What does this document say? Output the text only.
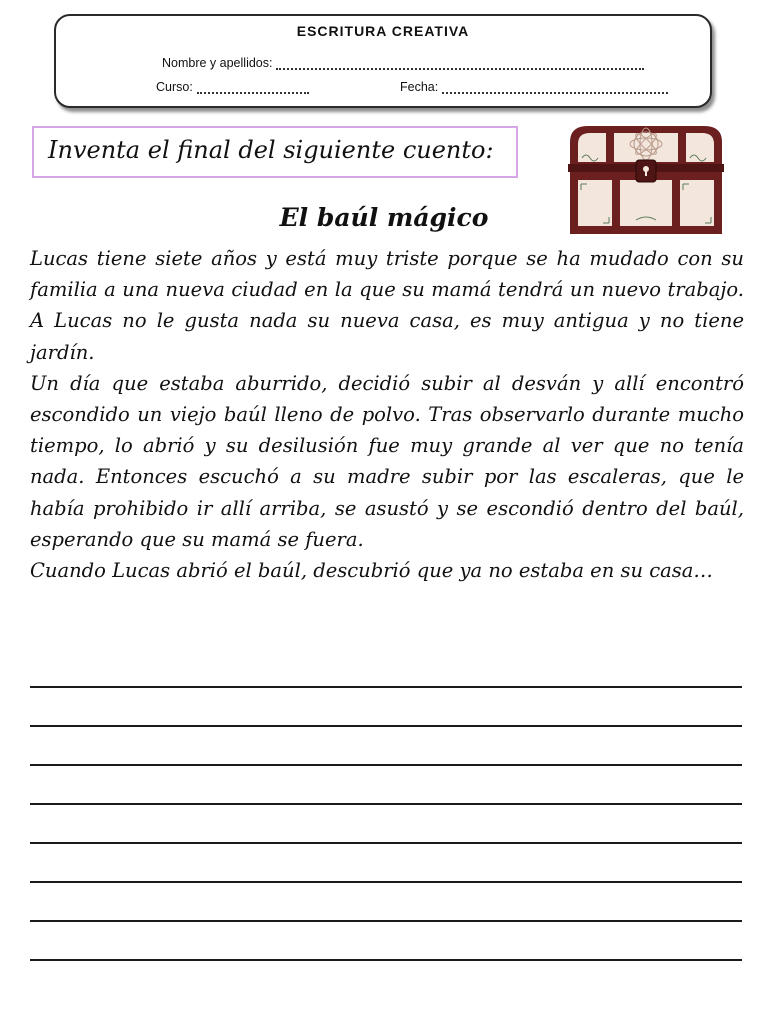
ESCRITURA CREATIVA
Nombre y apellidos:
Curso:	Fecha:
Inventa el final del siguiente cuento:
El baúl mágico

Lucas tiene siete años y está muy triste porque se ha mudado con su familia a una nueva ciudad en la que su mamá tendrá un nuevo trabajo. A Lucas no le gusta nada su nueva casa, es muy antigua y no tiene jardín.

Un día que estaba aburrido, decidió subir al desván y allí encontró escondido un viejo baúl lleno de polvo. Tras observarlo durante mucho tiempo, lo abrió y su desilusión fue muy grande al ver que no tenía nada. Entonces escuchó a su madre subir por las escaleras, que le había prohibido ir allí arriba, se asustó y se escondió dentro del baúl, esperando que su mamá se fuera.

Cuando Lucas abrió el baúl, descubrió que ya no estaba en su casa…
